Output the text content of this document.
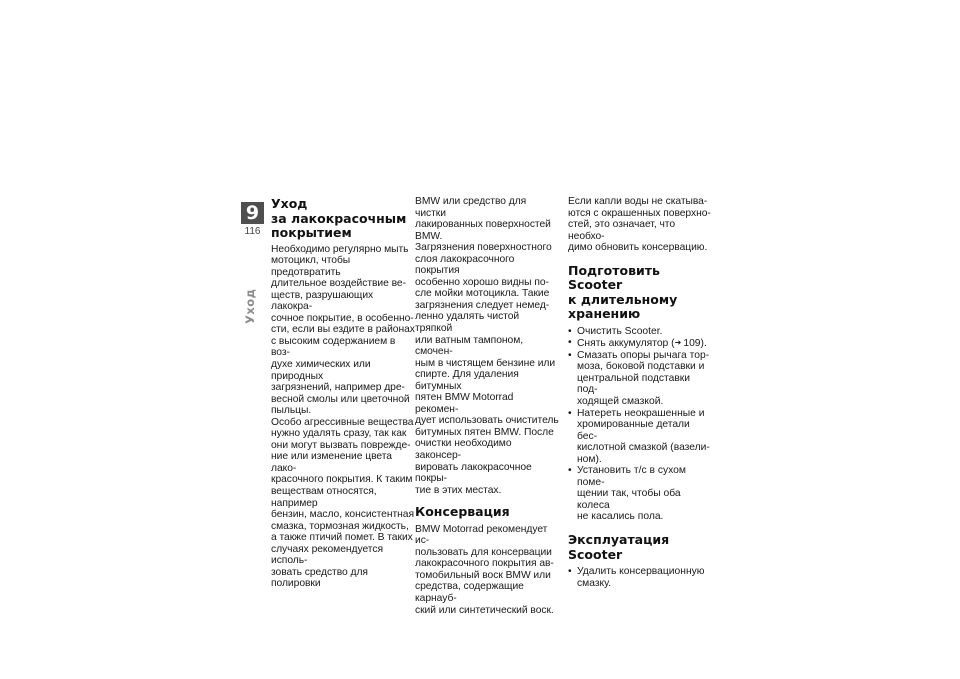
9
116
Уход
Уход
за лакокрасочным
покрытием

Необходимо регулярно мыть
мотоцикл, чтобы предотвратить
длительное воздействие ве-
ществ, разрушающих лакокра-
сочное покрытие, в особенно-
сти, если вы ездите в районах
с высоким содержанием в воз-
духе химических или природных
загрязнений, например дре-
весной смолы или цветочной
пыльцы.

Особо агрессивные вещества
нужно удалять сразу, так как
они могут вызвать поврежде-
ние или изменение цвета лако-
красочного покрытия. К таким
веществам относятся, например
бензин, масло, консистентная
смазка, тормозная жидкость,
а также птичий помет. В таких
случаях рекомендуется исполь-
зовать средство для полировки

BMW или средство для чистки
лакированных поверхностей
BMW.

Загрязнения поверхностного
слоя лакокрасочного покрытия
особенно хорошо видны по-
сле мойки мотоцикла. Такие
загрязнения следует немед-
ленно удалять чистой тряпкой
или ватным тампоном, смочен-
ным в чистящем бензине или
спирте. Для удаления битумных
пятен BMW Motorrad рекомен-
дует использовать очиститель
битумных пятен BMW. После
очистки необходимо законсер-
вировать лакокрасочное покры-
тие в этих местах.

Консервация

BMW Motorrad рекомендует ис-
пользовать для консервации
лакокрасочного покрытия ав-
томобильный воск BMW или
средства, содержащие карнауб-
ский или синтетический воск.

Если капли воды не скатыва-
ются с окрашенных поверхно-
стей, это означает, что необхо-
димо обновить консервацию.

Подготовить Scooter
к длительному
хранению
• Очистить Scooter.
• Снять аккумулятор (➜  109).
• Смазать опоры рычага тор-
моза, боковой подставки и
центральной подставки под-
ходящей смазкой.
• Натереть неокрашенные и
хромированные детали бес-
кислотной смазкой (вазели-
ном).
• Установить т/с в сухом поме-
щении так, чтобы оба колеса
не касались пола.
Эксплуатация Scooter
• Удалить консервационную
смазку.
